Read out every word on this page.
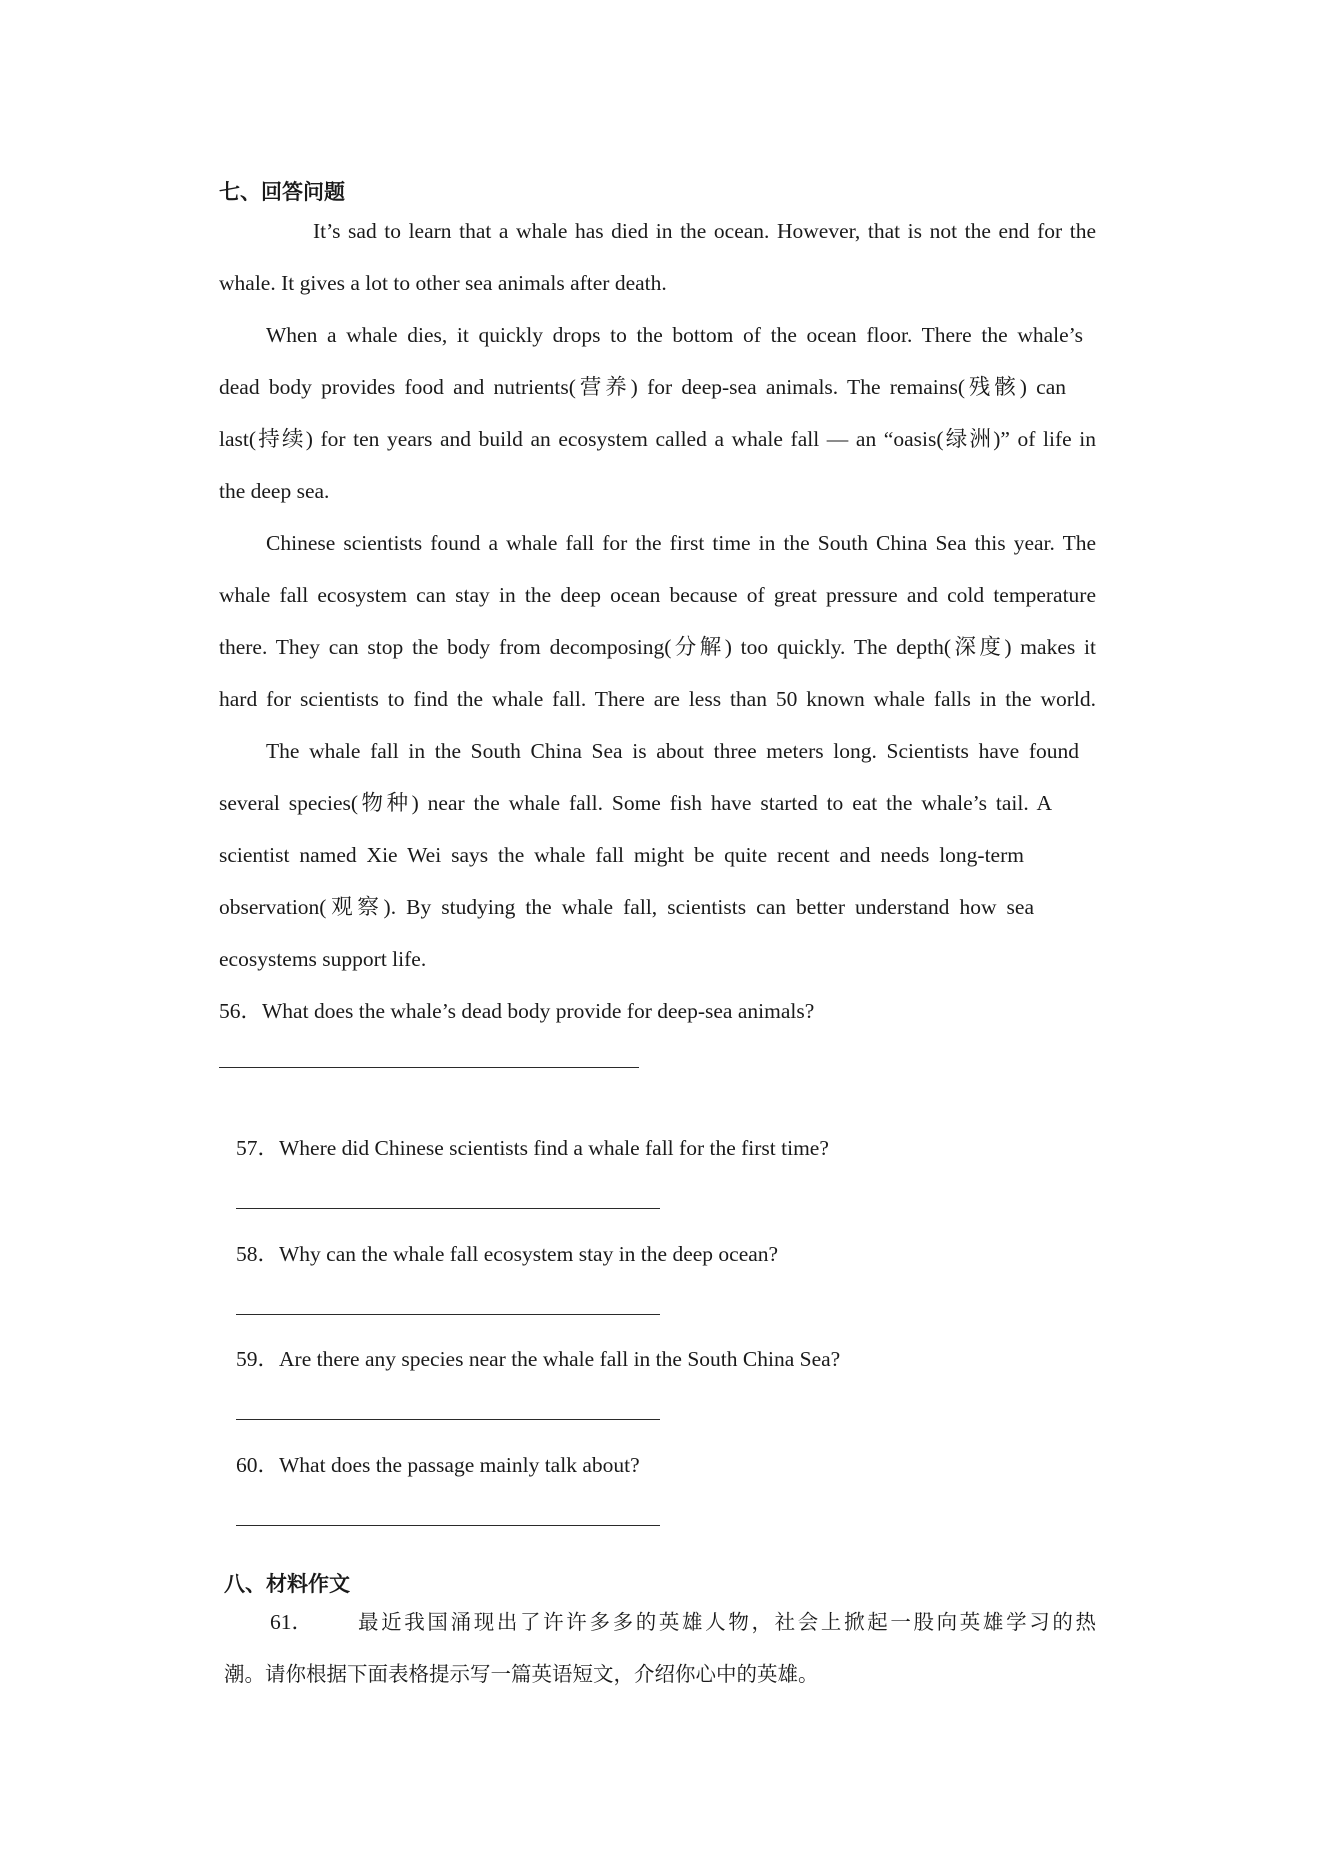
七、回答问题
It’s sad to learn that a whale has died in the ocean. However, that is not the end for the
whale. It gives a lot to other sea animals after death.
When a whale dies, it quickly drops to the bottom of the ocean floor. There the whale’s
dead body provides food and nutrients(营养) for deep-sea animals. The remains(残骸) can
last(持续) for ten years and build an ecosystem called a whale fall — an “oasis(绿洲)” of life in
the deep sea.
Chinese scientists found a whale fall for the first time in the South China Sea this year. The
whale fall ecosystem can stay in the deep ocean because of great pressure and cold temperature
there. They can stop the body from decomposing(分解) too quickly. The depth(深度) makes it
hard for scientists to find the whale fall. There are less than 50 known whale falls in the world.
The whale fall in the South China Sea is about three meters long. Scientists have found
several species(物种) near the whale fall. Some fish have started to eat the whale’s tail. A
scientist named Xie Wei says the whale fall might be quite recent and needs long-term
observation(观察). By studying the whale fall, scientists can better understand how sea
ecosystems support life.
56．What does the whale’s dead body provide for deep-sea animals?
57．Where did Chinese scientists find a whale fall for the first time?
58．Why can the whale fall ecosystem stay in the deep ocean?
59．Are there any species near the whale fall in the South China Sea?
60．What does the passage mainly talk about?
八、材料作文
61． 最近我国涌现出了许许多多的英雄人物，社会上掀起一股向英雄学习的热
潮。请你根据下面表格提示写一篇英语短文，介绍你心中的英雄。
